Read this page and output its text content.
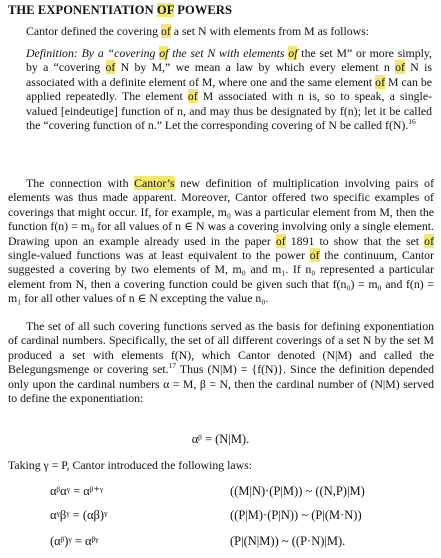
THE EXPONENTIATION OF POWERS
Cantor defined the covering of a set N with elements from M as follows:
Definition: By a “covering of the set N with elements of the set M” or more simply, by a “covering of N by M,” we mean a law by which every element n of N is associated with a definite element of M, where one and the same element of M can be applied repeatedly. The element of M associated with n is, so to speak, a single-valued [eindeutige] function of n, and may thus be designated by f(n); let it be called the “covering function of n.” Let the corresponding covering of N be called f(N).$^{16}$
The connection with Cantor’s new definition of multiplication involving pairs of elements was thus made apparent. Moreover, Cantor offered two specific examples of coverings that might occur. If, for example, m₀ was a particular element from M, then the function f(n) = m₀ for all values of n ∈ N was a covering involving only a single element. Drawing upon an example already used in the paper of 1891 to show that the set of single-valued functions was at least equivalent to the power of the continuum, Cantor suggested a covering by two elements of M, m₀ and m₁. If n₀ represented a particular element from N, then a covering function could be given such that f(n₀) = m₀ and f(n) = m₁ for all other values of n ∈ N excepting the value n₀.
The set of all such covering functions served as the basis for defining exponentiation of cardinal numbers. Specifically, the set of all different coverings of a set N by the set M produced a set with elements f(N), which Cantor denoted (N|M) and called the Belegungsmenge or covering set.$^{17}$ Thus (N|M) = {f(N)}. Since the definition depended only upon the cardinal numbers α = M, β = N, then the cardinal number of (N|M) served to define the exponentiation:
αᵝ = (N|M).
Taking γ = P, Cantor introduced the following laws:
αᵝαᵞ = αᵝ⁺ᵞ	((M|N)·(P|M)) ~ ((N,P)|M)
αᵞβᵞ = (αβ)ᵞ	((P|M)·(P|N)) ~ (P|(M·N))
(αᵝ)ᵞ = αᵝᵞ	(P|(N|M)) ~ ((P·N)|M).
